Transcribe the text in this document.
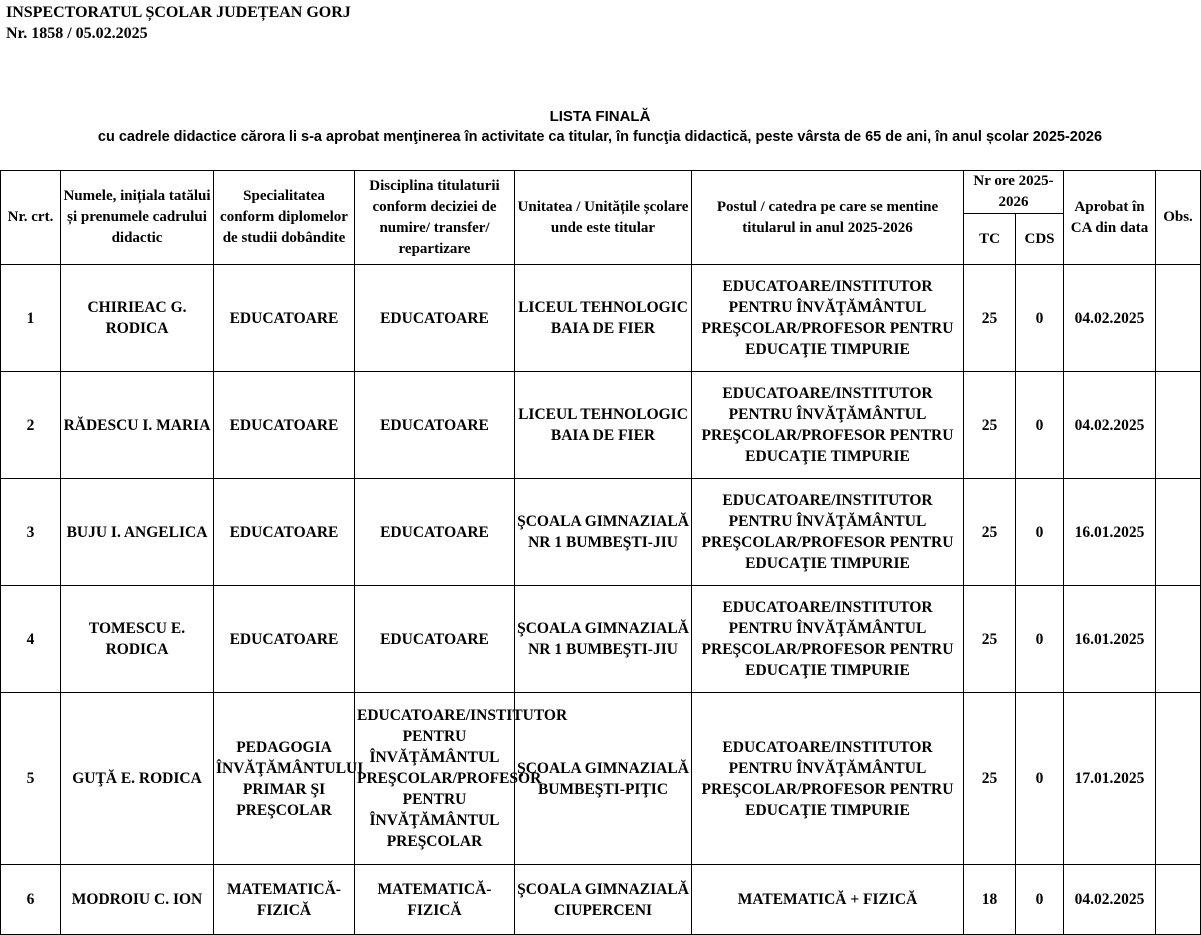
INSPECTORATUL ȘCOLAR JUDEȚEAN GORJ
Nr. 1858 / 05.02.2025
LISTA FINALĂ
cu cadrele didactice cărora li s-a aprobat menţinerea în activitate ca titular, în funcţia didactică, peste vârsta de 65 de ani, în anul școlar 2025-2026
Nr. crt.	Numele, inițiala tatălui și prenumele cadrului didactic	Specialitatea conform diplomelor de studii dobândite	Disciplina titulaturii conform deciziei de numire/ transfer/ repartizare	Unitatea / Unitățile școlare unde este titular	Postul / catedra pe care se mentine titularul in anul 2025-2026	Nr ore 2025-2026		Aprobat în CA din data	Obs.
						TC	CDS		
1	CHIRIEAC G. RODICA	EDUCATOARE	EDUCATOARE	LICEUL TEHNOLOGIC BAIA DE FIER	EDUCATOARE/INSTITUTOR PENTRU ÎNVĂŢĂMÂNTUL PREŞCOLAR/PROFESOR PENTRU EDUCAŢIE TIMPURIE	25	0	04.02.2025	
2	RĂDESCU I. MARIA	EDUCATOARE	EDUCATOARE	LICEUL TEHNOLOGIC BAIA DE FIER	EDUCATOARE/INSTITUTOR PENTRU ÎNVĂŢĂMÂNTUL PREŞCOLAR/PROFESOR PENTRU EDUCAŢIE TIMPURIE	25	0	04.02.2025	
3	BUJU I. ANGELICA	EDUCATOARE	EDUCATOARE	ŞCOALA GIMNAZIALĂ NR 1 BUMBEŞTI-JIU	EDUCATOARE/INSTITUTOR PENTRU ÎNVĂŢĂMÂNTUL PREŞCOLAR/PROFESOR PENTRU EDUCAŢIE TIMPURIE	25	0	16.01.2025	
4	TOMESCU E. RODICA	EDUCATOARE	EDUCATOARE	ŞCOALA GIMNAZIALĂ NR 1 BUMBEŞTI-JIU	EDUCATOARE/INSTITUTOR PENTRU ÎNVĂŢĂMÂNTUL PREŞCOLAR/PROFESOR PENTRU EDUCAŢIE TIMPURIE	25	0	16.01.2025	
5	GUŢĂ E. RODICA	PEDAGOGIA ÎNVĂŢĂMÂNTULUI PRIMAR ŞI PREŞCOLAR	EDUCATOARE/INSTITUTOR PENTRU ÎNVĂŢĂMÂNTUL PREŞCOLAR/PROFESOR PENTRU ÎNVĂŢĂMÂNTUL PREŞCOLAR	ŞCOALA GIMNAZIALĂ BUMBEŞTI-PIŢIC	EDUCATOARE/INSTITUTOR PENTRU ÎNVĂŢĂMÂNTUL PREŞCOLAR/PROFESOR PENTRU EDUCAŢIE TIMPURIE	25	0	17.01.2025	
6	MODROIU C. ION	MATEMATICĂ-FIZICĂ	MATEMATICĂ-FIZICĂ	ŞCOALA GIMNAZIALĂ CIUPERCENI	MATEMATICĂ + FIZICĂ	18	0	04.02.2025	
